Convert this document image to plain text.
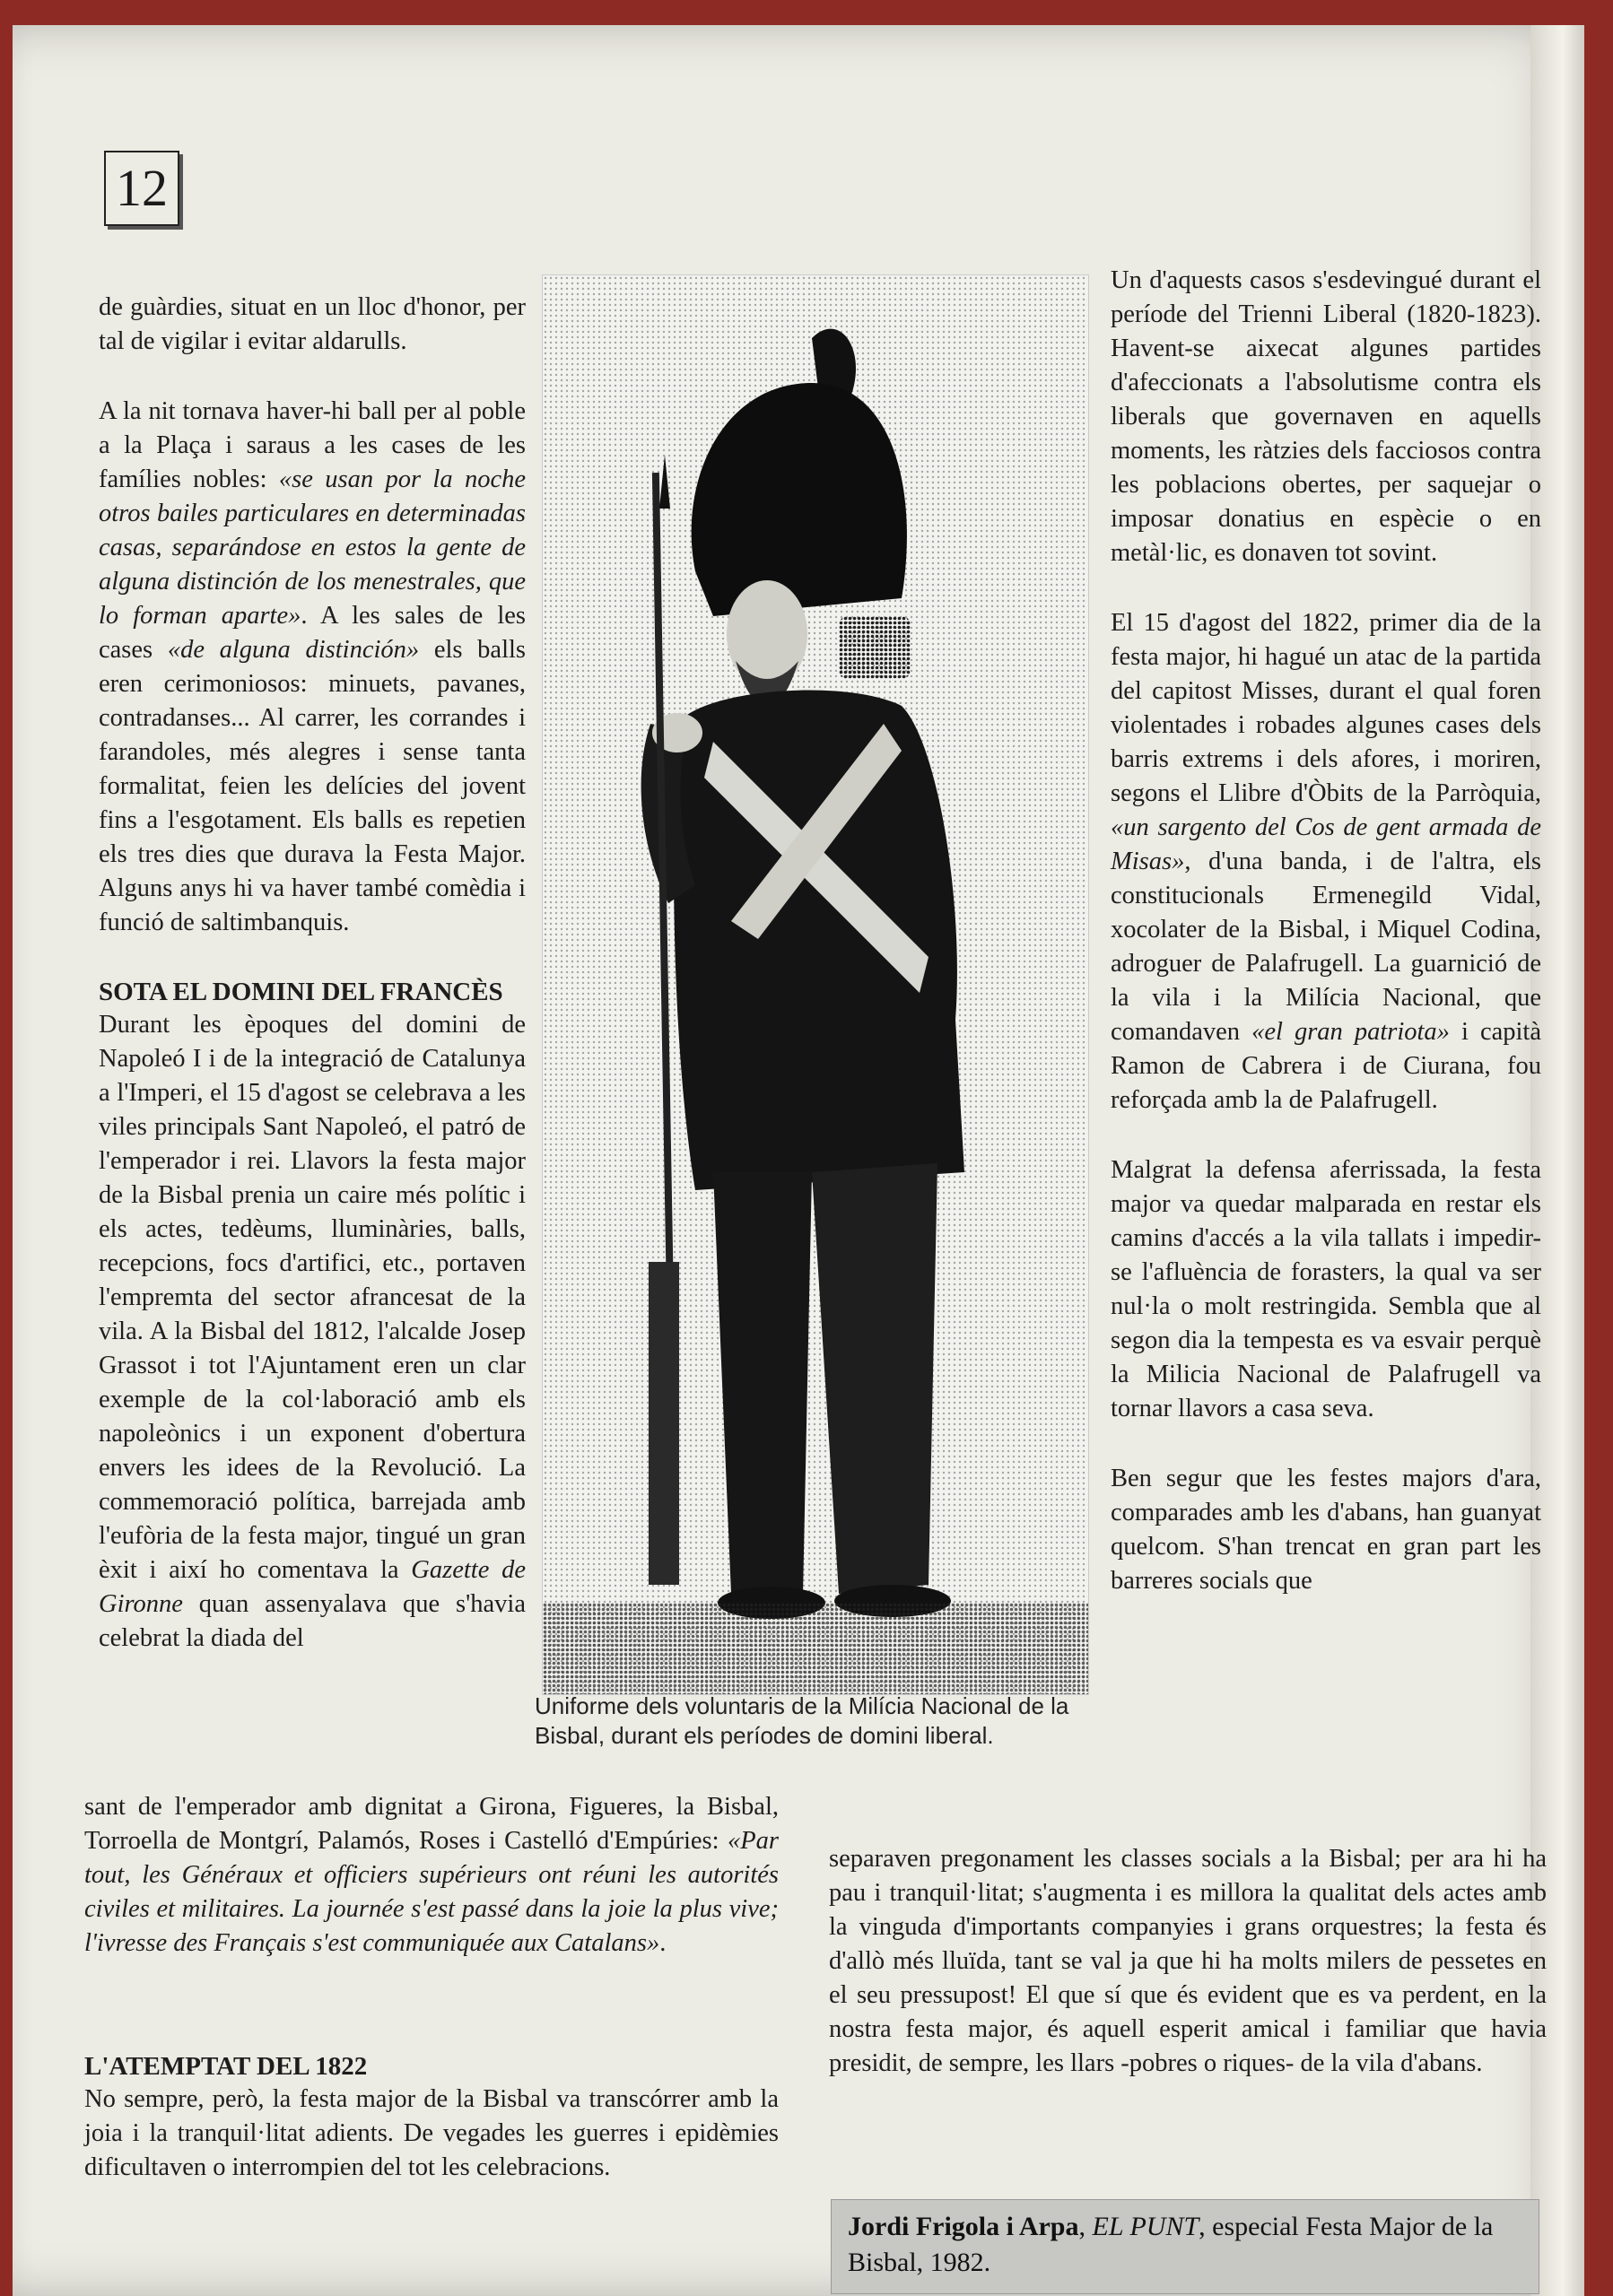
12

de guàrdies, situat en un lloc d'honor, per tal de vigilar i evitar aldarulls.

A la nit tornava haver-hi ball per al poble a la Plaça i saraus a les cases de les famílies nobles: «se usan por la noche otros bailes particulares en determinadas casas, separándose en estos la gente de alguna distinción de los menestrales, que lo forman aparte». A les sales de les cases «de alguna distinción» els balls eren cerimoniosos: minuets, pavanes, contradanses... Al carrer, les corrandes i farandoles, més alegres i sense tanta formalitat, feien les delícies del jovent fins a l'esgotament. Els balls es repetien els tres dies que durava la Festa Major. Alguns anys hi va haver també comèdia i funció de saltimbanquis.

SOTA EL DOMINI DEL FRANCÈS

Durant les èpoques del domini de Napoleó I i de la integració de Catalunya a l'Imperi, el 15 d'agost se celebrava a les viles principals Sant Napoleó, el patró de l'emperador i rei. Llavors la festa major de la Bisbal prenia un caire més polític i els actes, tedèums, lluminàries, balls, recepcions, focs d'artifici, etc., portaven l'empremta del sector afrancesat de la vila. A la Bisbal del 1812, l'alcalde Josep Grassot i tot l'Ajuntament eren un clar exemple de la col·laboració amb els napoleònics i un exponent d'obertura envers les idees de la Revolució. La commemoració política, barrejada amb l'eufòria de la festa major, tingué un gran èxit i així ho comentava la Gazette de Gironne quan assenyalava que s'havia celebrat la diada del

Uniforme dels voluntaris de la Milícia Nacional de la Bisbal, durant els períodes de domini liberal.

Un d'aquests casos s'esdevingué durant el període del Trienni Liberal (1820-1823). Havent-se aixecat algunes partides d'afeccionats a l'absolutisme contra els liberals que governaven en aquells moments, les ràtzies dels facciosos contra les poblacions obertes, per saquejar o imposar donatius en espècie o en metàl·lic, es donaven tot sovint.

El 15 d'agost del 1822, primer dia de la festa major, hi hagué un atac de la partida del capitost Misses, durant el qual foren violentades i robades algunes cases dels barris extrems i dels afores, i moriren, segons el Llibre d'Òbits de la Parròquia, «un sargento del Cos de gent armada de Misas», d'una banda, i de l'altra, els constitucionals Ermenegild Vidal, xocolater de la Bisbal, i Miquel Codina, adroguer de Palafrugell. La guarnició de la vila i la Milícia Nacional, que comandaven «el gran patriota» i capità Ramon de Cabrera i de Ciurana, fou reforçada amb la de Palafrugell.

Malgrat la defensa aferrissada, la festa major va quedar malparada en restar els camins d'accés a la vila tallats i impedir-se l'afluència de forasters, la qual va ser nul·la o molt restringida. Sembla que al segon dia la tempesta es va esvair perquè la Milicia Nacional de Palafrugell va tornar llavors a casa seva.

Ben segur que les festes majors d'ara, comparades amb les d'abans, han guanyat quelcom. S'han trencat en gran part les barreres socials que

sant de l'emperador amb dignitat a Girona, Figueres, la Bisbal, Torroella de Montgrí, Palamós, Roses i Castelló d'Empúries: «Par tout, les Généraux et officiers supérieurs ont réuni les autorités civiles et militaires. La journée s'est passé dans la joie la plus vive; l'ivresse des Français s'est communiquée aux Catalans».

L'ATEMPTAT DEL 1822

No sempre, però, la festa major de la Bisbal va transcórrer amb la joia i la tranquil·litat adients. De vegades les guerres i epidèmies dificultaven o interrompien del tot les celebracions.

separaven pregonament les classes socials a la Bisbal; per ara hi ha pau i tranquil·litat; s'augmenta i es millora la qualitat dels actes amb la vinguda d'importants companyies i grans orquestres; la festa és d'allò més lluïda, tant se val ja que hi ha molts milers de pessetes en el seu pressupost! El que sí que és evident que es va perdent, en la nostra festa major, és aquell esperit amical i familiar que havia presidit, de sempre, les llars -pobres o riques- de la vila d'abans.

Jordi Frigola i Arpa, EL PUNT, especial Festa Major de la Bisbal, 1982.
